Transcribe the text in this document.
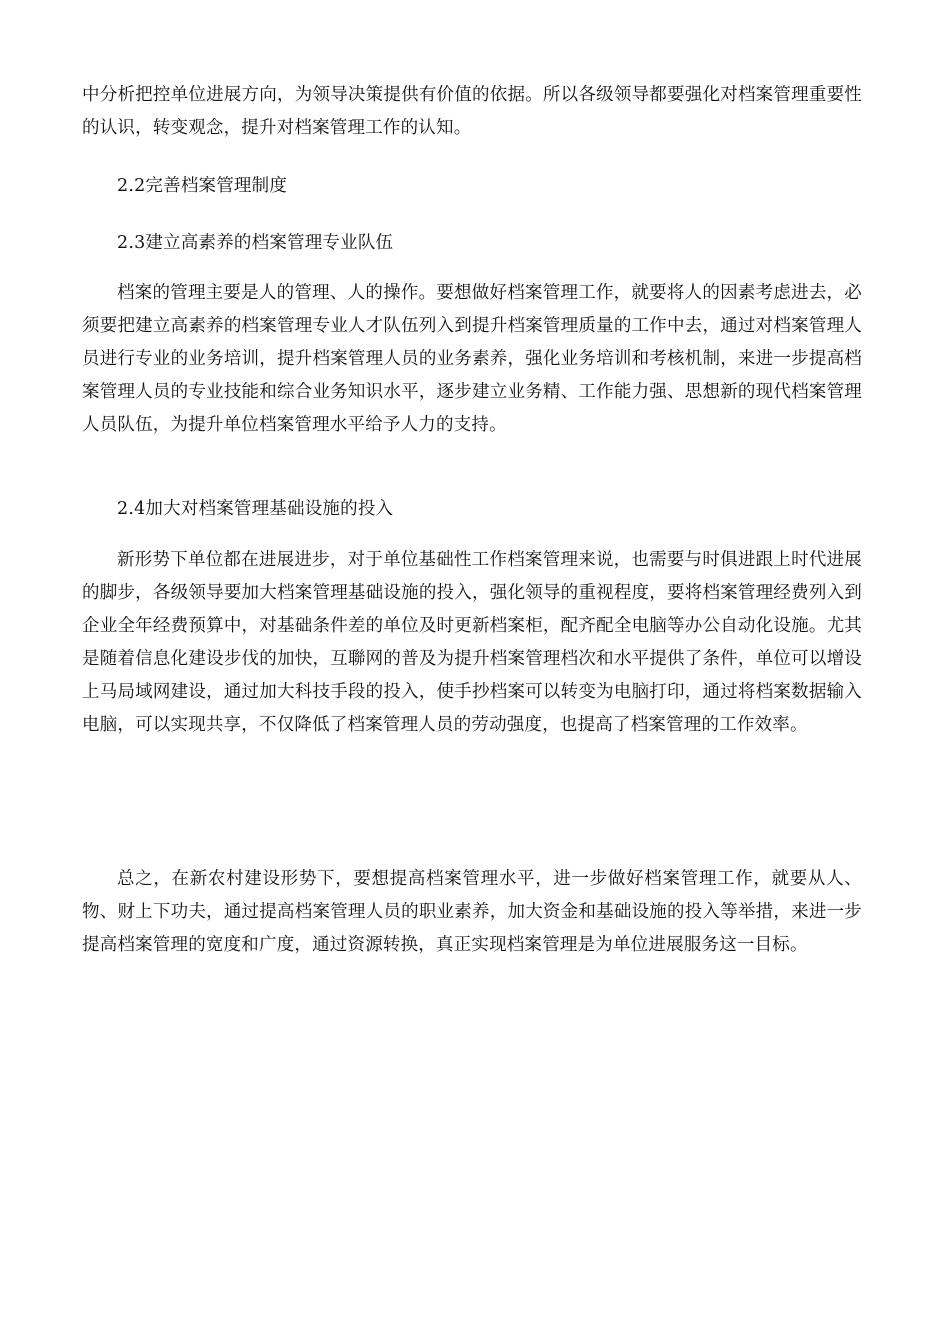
中分析把控单位进展方向，为领导决策提供有价值的依据。所以各级领导都要强化对档案管理重要性的认识，转变观念，提升对档案管理工作的认知。

2.2完善档案管理制度

2.3建立高素养的档案管理专业队伍

档案的管理主要是人的管理、人的操作。要想做好档案管理工作，就要将人的因素考虑进去，必须要把建立高素养的档案管理专业人才队伍列入到提升档案管理质量的工作中去，通过对档案管理人员进行专业的业务培训，提升档案管理人员的业务素养，强化业务培训和考核机制，来进一步提高档案管理人员的专业技能和综合业务知识水平，逐步建立业务精、工作能力强、思想新的现代档案管理人员队伍，为提升单位档案管理水平给予人力的支持。

2.4加大对档案管理基础设施的投入

新形势下单位都在进展进步，对于单位基础性工作档案管理来说，也需要与时俱进跟上时代进展的脚步，各级领导要加大档案管理基础设施的投入，强化领导的重视程度，要将档案管理经费列入到企业全年经费预算中，对基础条件差的单位及时更新档案柜，配齐配全电脑等办公自动化设施。尤其是随着信息化建设步伐的加快，互聯网的普及为提升档案管理档次和水平提供了条件，单位可以增设上马局域网建设，通过加大科技手段的投入，使手抄档案可以转变为电脑打印，通过将档案数据输入电脑，可以实现共享，不仅降低了档案管理人员的劳动强度，也提高了档案管理的工作效率。

总之，在新农村建设形势下，要想提高档案管理水平，进一步做好档案管理工作，就要从人、物、财上下功夫，通过提高档案管理人员的职业素养，加大资金和基础设施的投入等举措，来进一步提高档案管理的宽度和广度，通过资源转换，真正实现档案管理是为单位进展服务这一目标。
